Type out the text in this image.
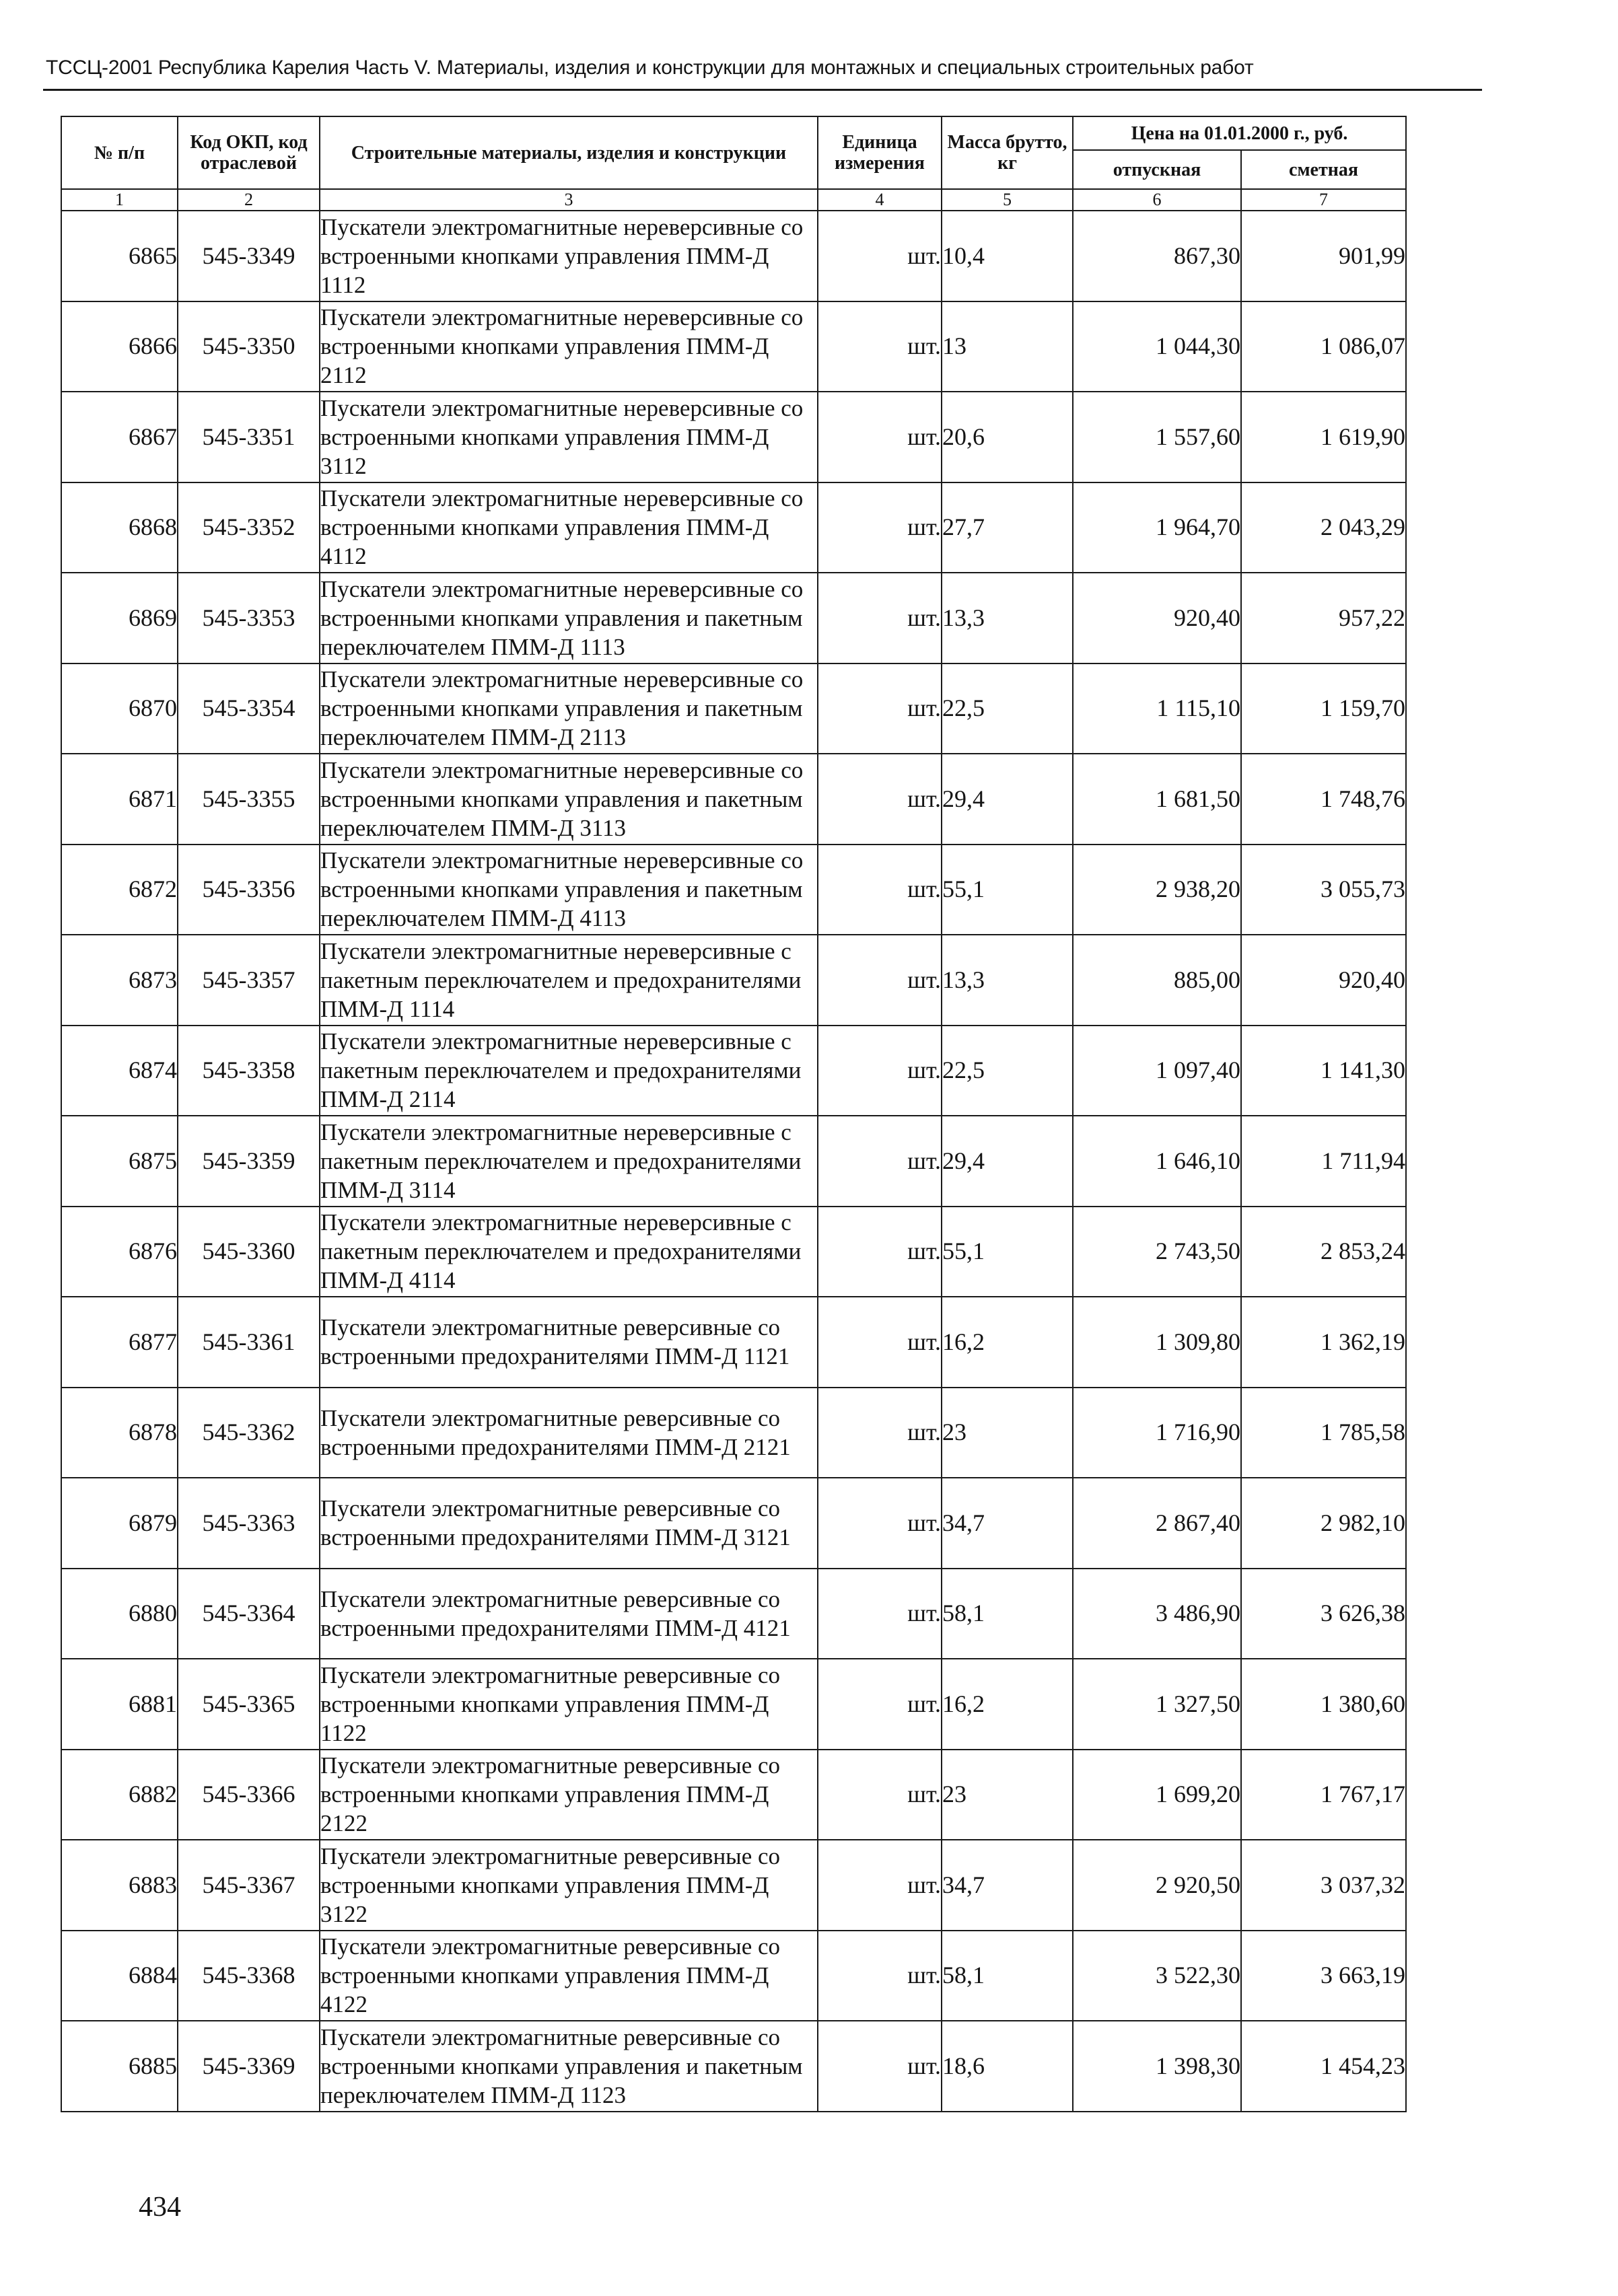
ТССЦ-2001 Республика Карелия Часть V. Материалы, изделия и конструкции для монтажных и специальных строительных работ
№ п/п	Код ОКП, код отраслевой	Строительные материалы, изделия и конструкции	Единица измерения	Масса брутто, кг	Цена на 01.01.2000 г., руб.	
					отпускная	сметная
1	2	3	4	5	6	7
6865	545-3349	Пускатели электромагнитные нереверсивные со встроенными кнопками управления ПММ-Д 1112	шт.	10,4	867,30	901,99
6866	545-3350	Пускатели электромагнитные нереверсивные со встроенными кнопками управления ПММ-Д 2112	шт.	13	1 044,30	1 086,07
6867	545-3351	Пускатели электромагнитные нереверсивные со встроенными кнопками управления ПММ-Д 3112	шт.	20,6	1 557,60	1 619,90
6868	545-3352	Пускатели электромагнитные нереверсивные со встроенными кнопками управления ПММ-Д 4112	шт.	27,7	1 964,70	2 043,29
6869	545-3353	Пускатели электромагнитные нереверсивные со встроенными кнопками управления и пакетным переключателем ПММ-Д 1113	шт.	13,3	920,40	957,22
6870	545-3354	Пускатели электромагнитные нереверсивные со встроенными кнопками управления и пакетным переключателем ПММ-Д 2113	шт.	22,5	1 115,10	1 159,70
6871	545-3355	Пускатели электромагнитные нереверсивные со встроенными кнопками управления и пакетным переключателем ПММ-Д 3113	шт.	29,4	1 681,50	1 748,76
6872	545-3356	Пускатели электромагнитные нереверсивные со встроенными кнопками управления и пакетным переключателем ПММ-Д 4113	шт.	55,1	2 938,20	3 055,73
6873	545-3357	Пускатели электромагнитные нереверсивные с пакетным переключателем и предохранителями ПММ-Д 1114	шт.	13,3	885,00	920,40
6874	545-3358	Пускатели электромагнитные нереверсивные с пакетным переключателем и предохранителями ПММ-Д 2114	шт.	22,5	1 097,40	1 141,30
6875	545-3359	Пускатели электромагнитные нереверсивные с пакетным переключателем и предохранителями ПММ-Д 3114	шт.	29,4	1 646,10	1 711,94
6876	545-3360	Пускатели электромагнитные нереверсивные с пакетным переключателем и предохранителями ПММ-Д 4114	шт.	55,1	2 743,50	2 853,24
6877	545-3361	Пускатели электромагнитные реверсивные со встроенными предохранителями ПММ-Д 1121	шт.	16,2	1 309,80	1 362,19
6878	545-3362	Пускатели электромагнитные реверсивные со встроенными предохранителями ПММ-Д 2121	шт.	23	1 716,90	1 785,58
6879	545-3363	Пускатели электромагнитные реверсивные со встроенными предохранителями ПММ-Д 3121	шт.	34,7	2 867,40	2 982,10
6880	545-3364	Пускатели электромагнитные реверсивные со встроенными предохранителями ПММ-Д 4121	шт.	58,1	3 486,90	3 626,38
6881	545-3365	Пускатели электромагнитные реверсивные со встроенными кнопками управления ПММ-Д 1122	шт.	16,2	1 327,50	1 380,60
6882	545-3366	Пускатели электромагнитные реверсивные со встроенными кнопками управления ПММ-Д 2122	шт.	23	1 699,20	1 767,17
6883	545-3367	Пускатели электромагнитные реверсивные со встроенными кнопками управления ПММ-Д 3122	шт.	34,7	2 920,50	3 037,32
6884	545-3368	Пускатели электромагнитные реверсивные со встроенными кнопками управления ПММ-Д 4122	шт.	58,1	3 522,30	3 663,19
6885	545-3369	Пускатели электромагнитные реверсивные со встроенными кнопками управления и пакетным переключателем ПММ-Д 1123	шт.	18,6	1 398,30	1 454,23
434
